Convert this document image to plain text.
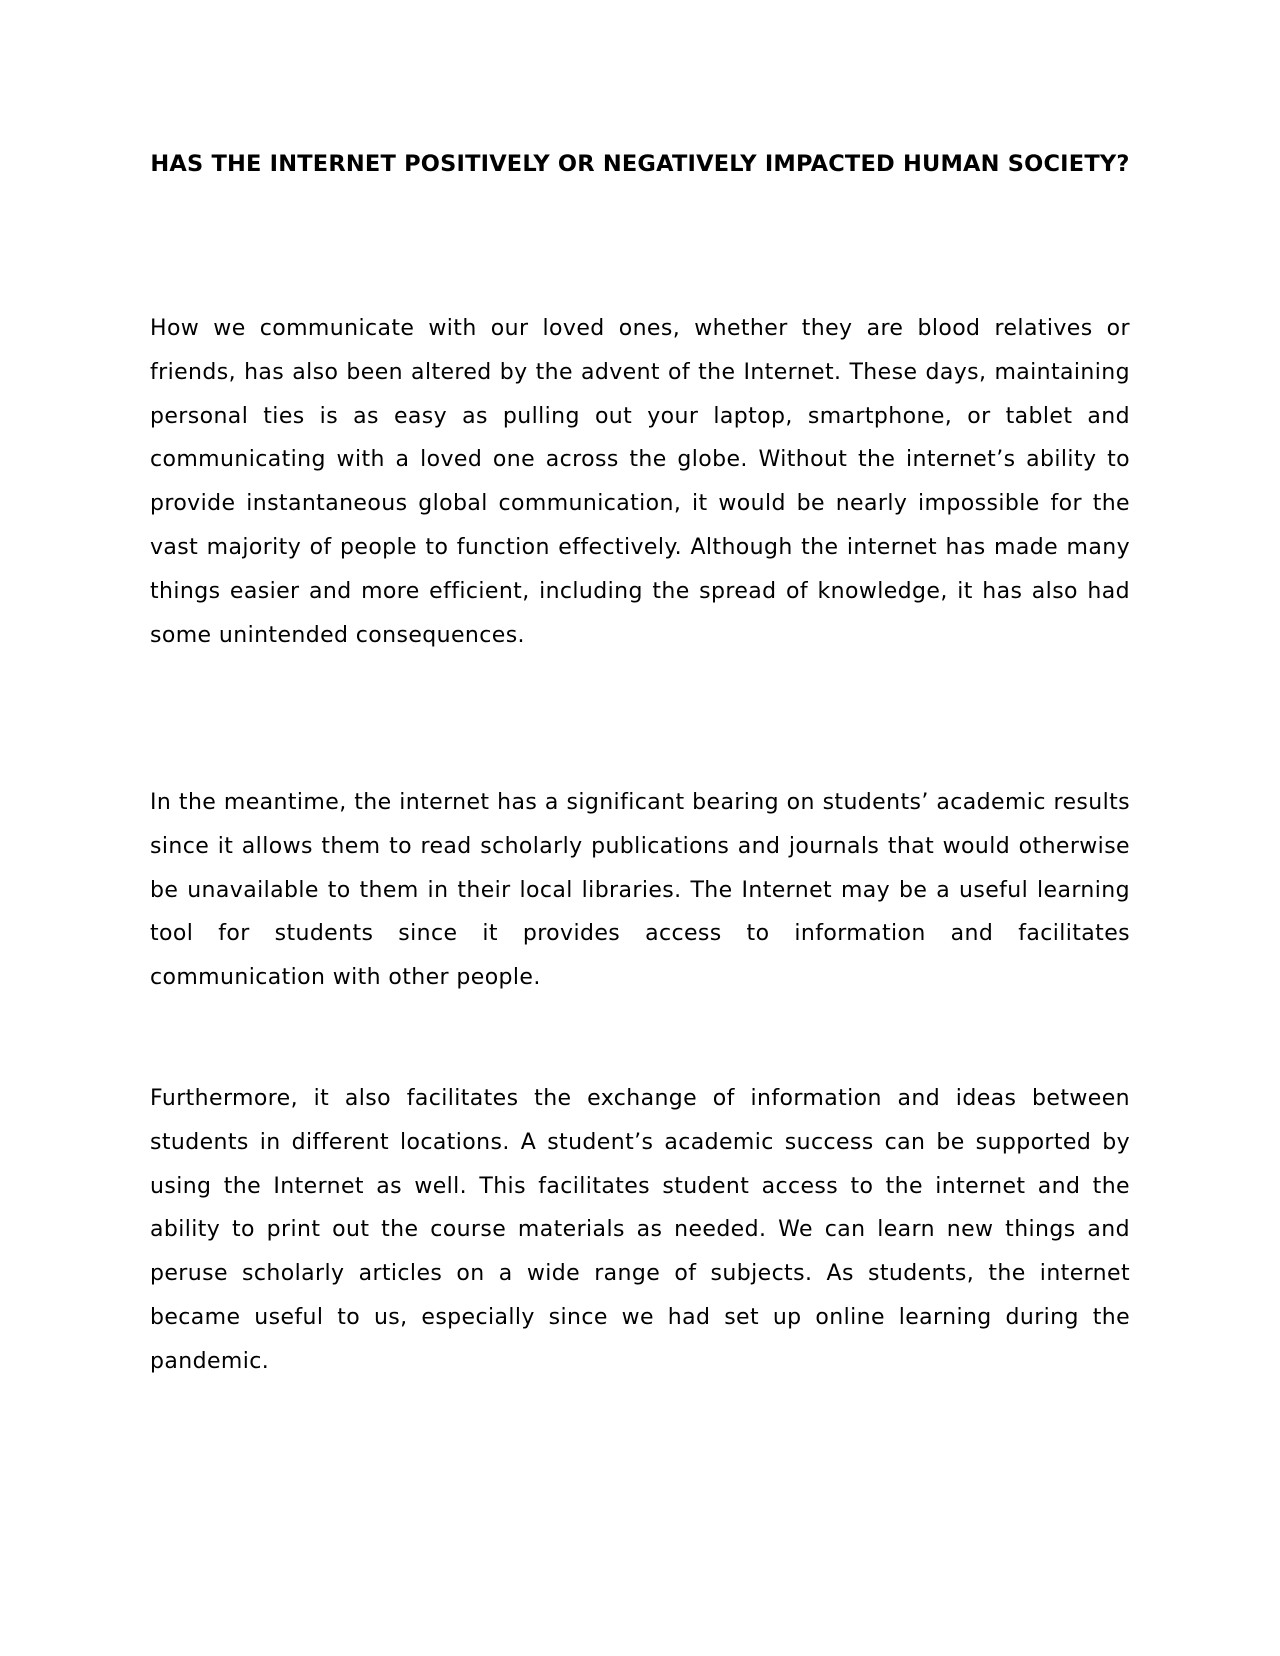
HAS THE INTERNET POSITIVELY OR NEGATIVELY IMPACTED HUMAN SOCIETY?

How we communicate with our loved ones, whether they are blood relatives or friends, has also been altered by the advent of the Internet. These days, maintaining personal ties is as easy as pulling out your laptop, smartphone, or tablet and communicating with a loved one across the globe. Without the internet’s ability to provide instantaneous global communication, it would be nearly impossible for the vast majority of people to function effectively. Although the internet has made many things easier and more efficient, including the spread of knowledge, it has also had some unintended consequences.

In the meantime, the internet has a significant bearing on students’ academic results since it allows them to read scholarly publications and journals that would otherwise be unavailable to them in their local libraries. The Internet may be a useful learning tool for students since it provides access to information and facilitates communication with other people.

Furthermore, it also facilitates the exchange of information and ideas between students in different locations. A student’s academic success can be supported by using the Internet as well. This facilitates student access to the internet and the ability to print out the course materials as needed. We can learn new things and peruse scholarly articles on a wide range of subjects. As students, the internet became useful to us, especially since we had set up online learning during the pandemic.
